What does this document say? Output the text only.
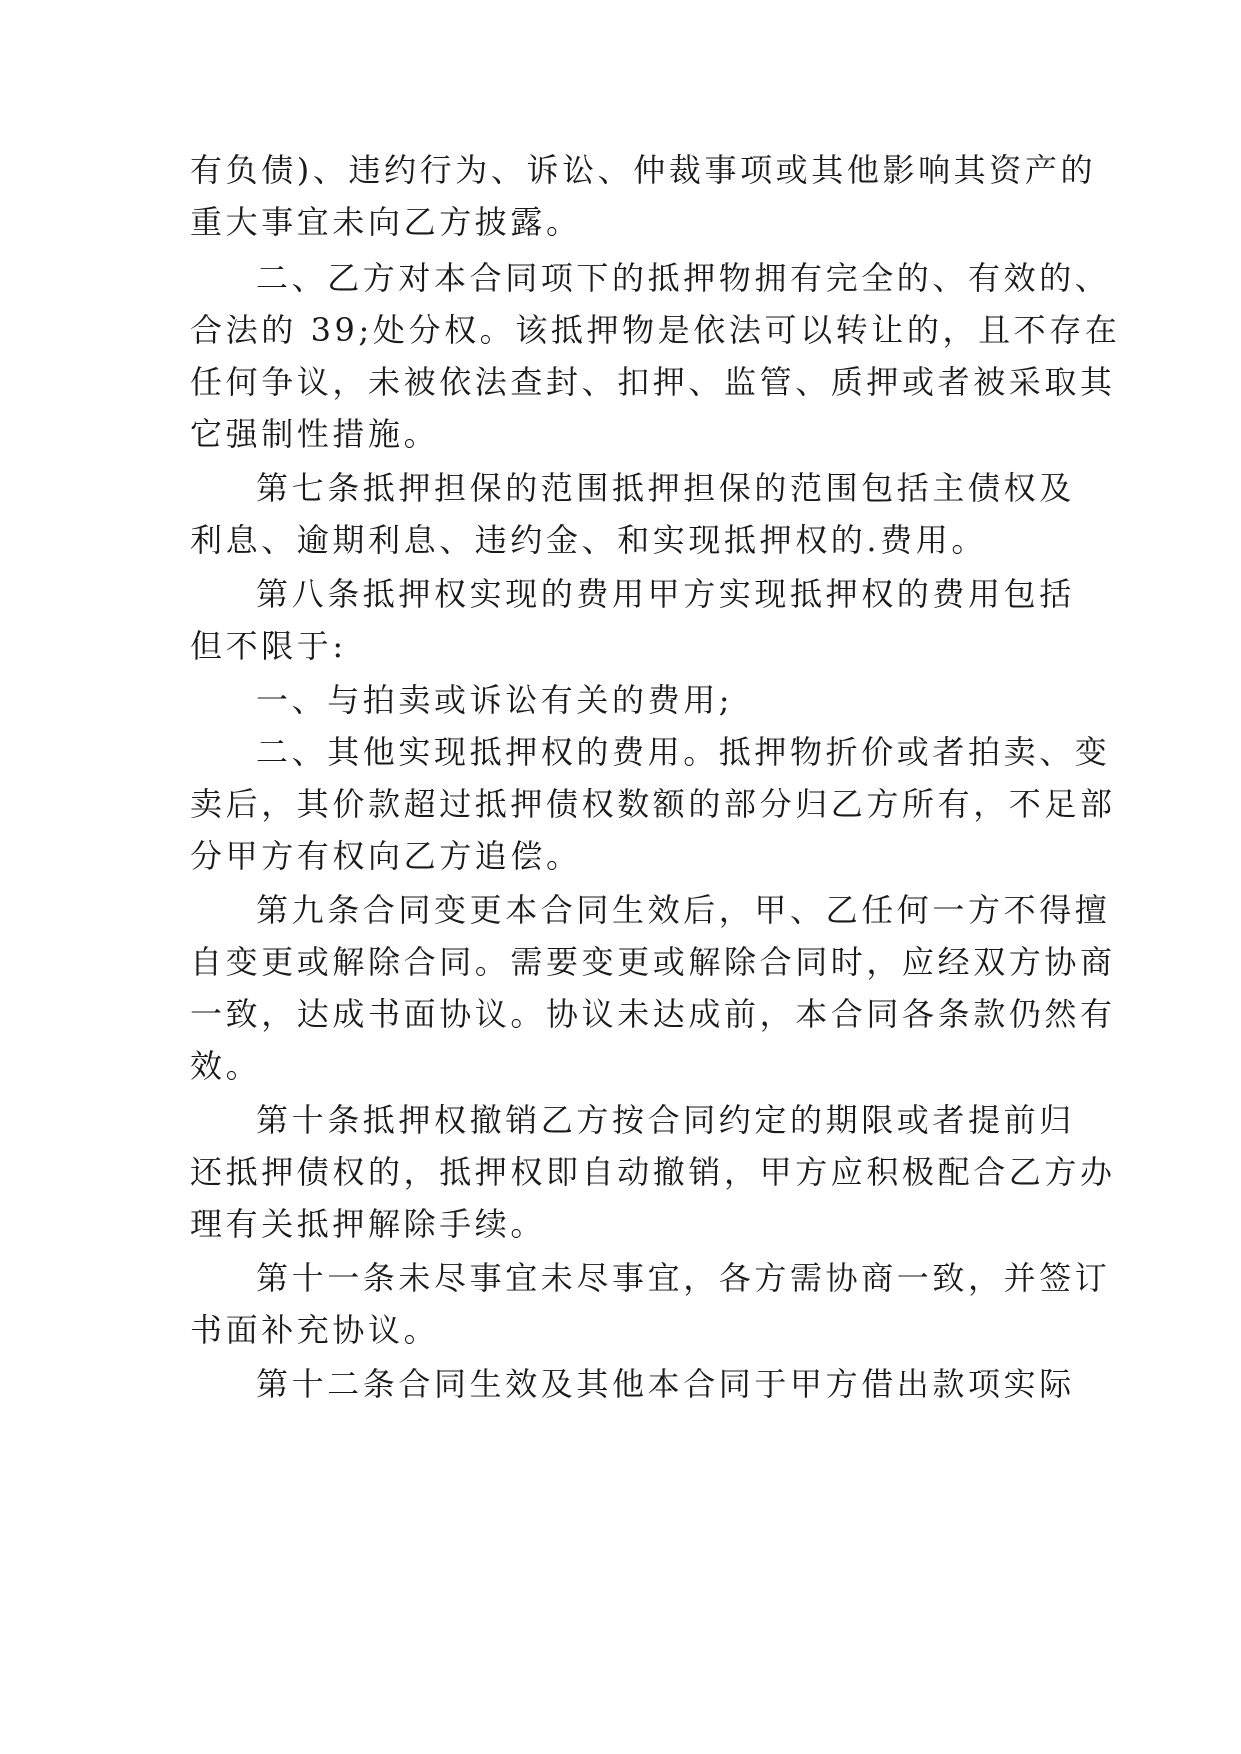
有负债)、违约行为、诉讼、仲裁事项或其他影响其资产的
重大事宜未向乙方披露。
二、乙方对本合同项下的抵押物拥有完全的、有效的、
合法的 39;处分权。该抵押物是依法可以转让的，且不存在
任何争议，未被依法查封、扣押、监管、质押或者被采取其
它强制性措施。
第七条抵押担保的范围抵押担保的范围包括主债权及
利息、逾期利息、违约金、和实现抵押权的.费用。
第八条抵押权实现的费用甲方实现抵押权的费用包括
但不限于:
一、与拍卖或诉讼有关的费用;
二、其他实现抵押权的费用。抵押物折价或者拍卖、变
卖后，其价款超过抵押债权数额的部分归乙方所有，不足部
分甲方有权向乙方追偿。
第九条合同变更本合同生效后，甲、乙任何一方不得擅
自变更或解除合同。需要变更或解除合同时，应经双方协商
一致，达成书面协议。协议未达成前，本合同各条款仍然有
效。
第十条抵押权撤销乙方按合同约定的期限或者提前归
还抵押债权的，抵押权即自动撤销，甲方应积极配合乙方办
理有关抵押解除手续。
第十一条未尽事宜未尽事宜，各方需协商一致，并签订
书面补充协议。
第十二条合同生效及其他本合同于甲方借出款项实际
